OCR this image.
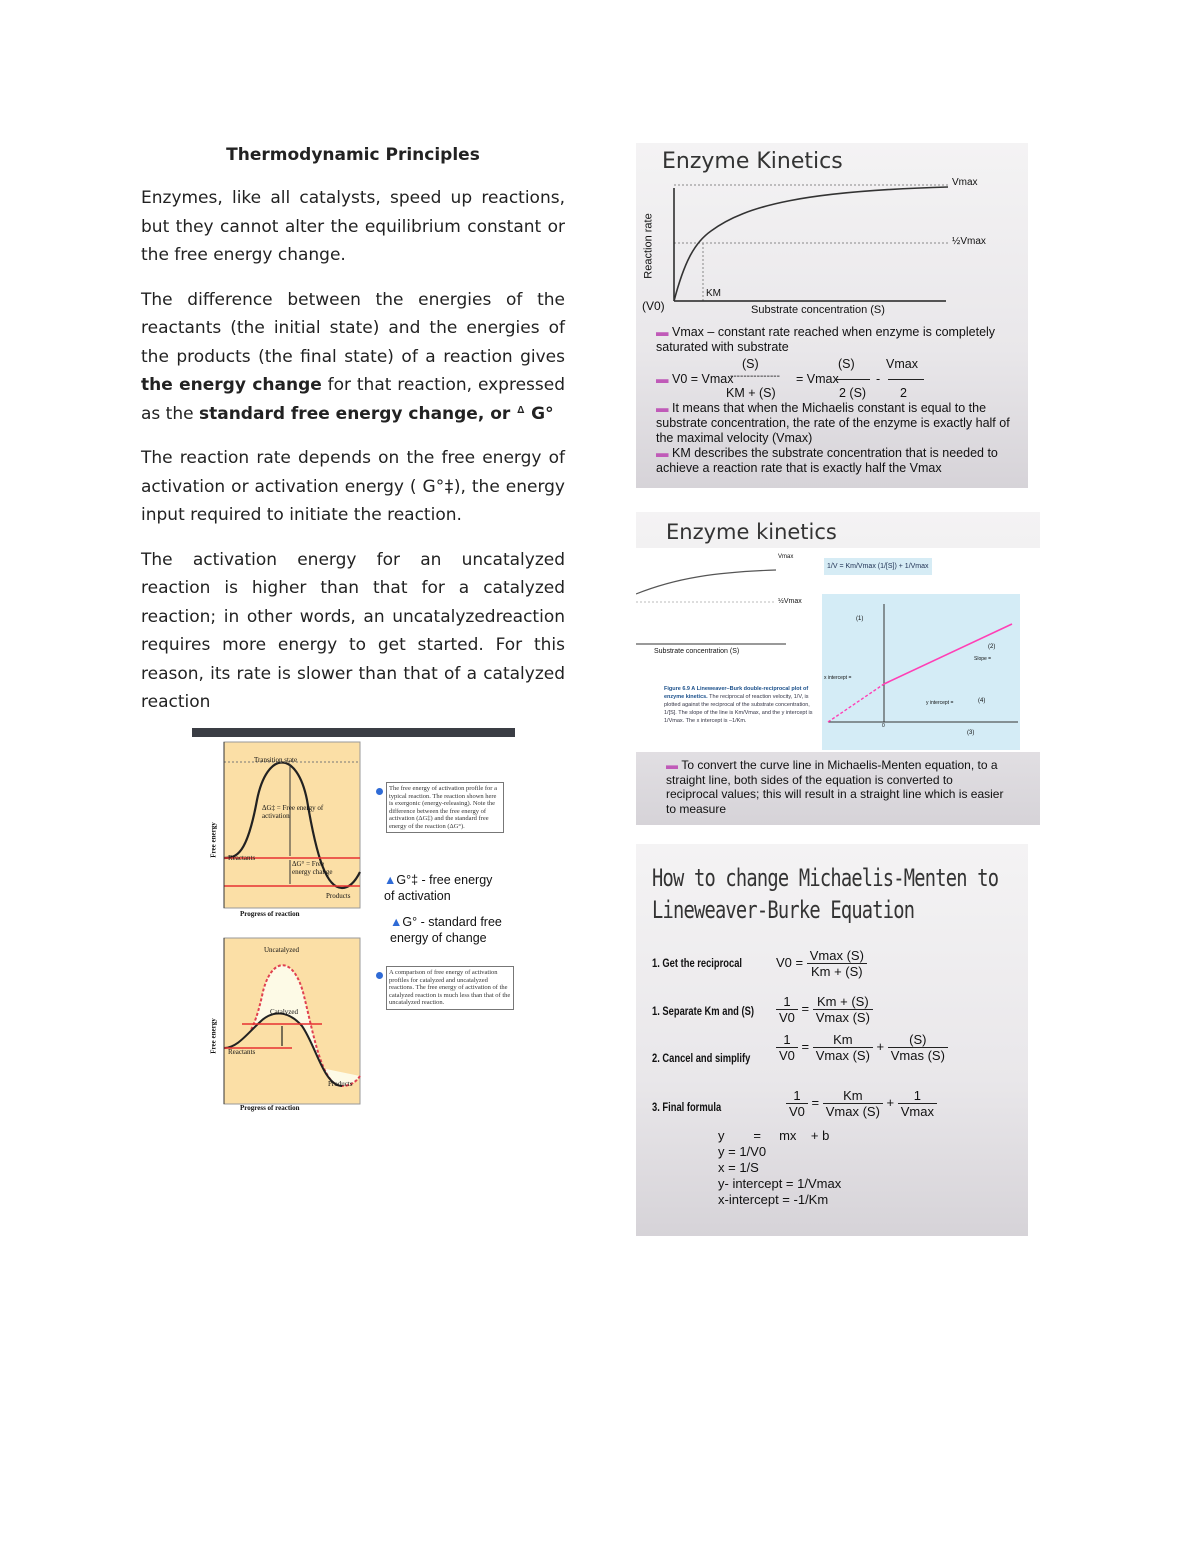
Thermodynamic Principles

Enzymes, like all catalysts, speed up reactions, but they cannot alter the equilibrium constant or the free energy change.

The difference between the energies of the reactants (the initial state) and the energies of the products (the final state) of a reaction gives the energy change for that reaction, expressed as the standard free energy change, or ᐞ G°

The reaction rate depends on the free energy of activation or activation energy ( G°‡), the energy input required to initiate the reaction.

The activation energy for an uncatalyzed reaction is higher than that for a catalyzed reaction; in other words, an uncatalyzedreaction requires more energy to get started. For this reason, its rate is slower than that of a catalyzed reaction

Enzyme Kinetics
Vmax
½Vmax
Reaction rate
(V0)
KM
Substrate concentration (S)
▬ Vmax – constant rate reached when enzyme is completely saturated with substrate
(S)	(S)	Vmax
▬ V0 = Vmax
--------------- = Vmax	-
KM + (S)	2 (S)	2
▬ It means that when the Michaelis constant is equal to the substrate concentration, the rate of the enzyme is exactly half of the maximal velocity (Vmax)
▬ KM describes the substrate concentration that is needed to achieve a reaction rate that is exactly half the Vmax
Enzyme kinetics
Vmax
½Vmax
Substrate concentration (S)
1/V = Km/Vmax (1/[S]) + 1/Vmax
Figure 6.9 A Lineweaver–Burk double-reciprocal plot of enzyme kinetics. The reciprocal of reaction velocity, 1/V, is plotted against the reciprocal of the substrate concentration, 1/[S]. The slope of the line is Km/Vmax, and the y intercept is 1/Vmax. The x intercept is –1/Km.
(1)
(2)
Slope =
x intercept =
y intercept =	(4)
0
(3)
▬ To convert the curve line in Michaelis-Menten equation, to a straight line, both sides of the equation is converted to reciprocal values; this will result in a straight line which is easier to measure
How to change Michaelis-Menten to
Lineweaver-Burke Equation
1. Get the reciprocal	$V0 = \frac{Vmax (S)}{Km + (S)}$
1. Separate Km and $(S) \frac{1}{V0} = \frac{Km + (S)}{Vmax (S)}$
2. Cancel and simplify $\frac{1}{V0} = \frac{Km}{Vmax (S)} + \frac{(S)}{\text{Vmas (S)}}$
3. Final formula	$\frac{1}{V0} = \frac{Km}{Vmax (S)} + \frac{1}{Vmax}$
y = mx + b
y = 1/V0
x = 1/S
y- intercept = 1/Vmax
x-intercept = -1/Km
Transition state
ΔG‡ = Free energy of activation
Reactants
ΔG° = Free energy change
Products
Progress of reaction
Free energy
The free energy of activation profile for a typical reaction. The reaction shown here is exergonic (energy-releasing). Note the difference between the free energy of activation (ΔG‡) and the standard free energy of the reaction (ΔG°).
▲G°‡ - free energy of activation
▲G° - standard free energy of change
Uncatalyzed
Catalyzed
Reactants
Products
Progress of reaction
Free energy
A comparison of free energy of activation profiles for catalyzed and uncatalyzed reactions. The free energy of activation of the catalyzed reaction is much less than that of the uncatalyzed reaction.
